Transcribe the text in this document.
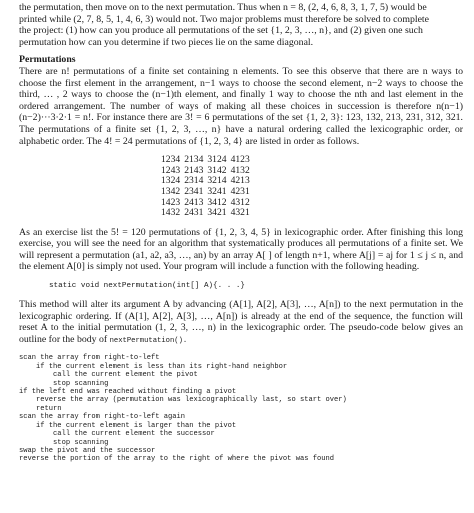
the permutation, then move on to the next permutation. Thus when n = 8, (2, 4, 6, 8, 3, 1, 7, 5) would be

printed while (2, 7, 8, 5, 1, 4, 6, 3) would not. Two major problems must therefore be solved to complete

the project: (1) how can you produce all permutations of the set {1, 2, 3, …, n}, and (2) given one such

permutation how can you determine if two pieces lie on the same diagonal.

Permutations

There are n! permutations of a finite set containing n elements. To see this observe that there are n ways to choose the first element in the arrangement, n−1 ways to choose the second element, n−2 ways to choose the third, … , 2 ways to choose the (n−1)th element, and finally 1 way to choose the nth and last element in the ordered arrangement. The number of ways of making all these choices in succession is therefore n(n−1)(n−2)···3·2·1 = n!. For instance there are 3! = 6 permutations of the set {1, 2, 3}: 123, 132, 213, 231, 312, 321. The permutations of a finite set {1, 2, 3, …, n} have a natural ordering called the lexicographic order, or alphabetic order. The 4! = 24 permutations of {1, 2, 3, 4} are listed in order as follows.

1234	2134	3124	4123
1243	2143	3142	4132
1324	2314	3214	4213
1342	2341	3241	4231
1423	2413	3412	4312
1432	2431	3421	4321

As an exercise list the 5! = 120 permutations of {1, 2, 3, 4, 5} in lexicographic order. After finishing this long exercise, you will see the need for an algorithm that systematically produces all permutations of a finite set. We will represent a permutation (a1, a2, a3, …, an) by an array A[ ] of length n+1, where A[j] = aj for 1 ≤ j ≤ n, and the element A[0] is simply not used. Your program will include a function with the following heading.

static void nextPermutation(int[] A){. . .}

This method will alter its argument A by advancing (A[1], A[2], A[3], …, A[n]) to the next permutation in the lexicographic ordering. If (A[1], A[2], A[3], …, A[n]) is already at the end of the sequence, the function will reset A to the initial permutation (1, 2, 3, …, n) in the lexicographic order. The pseudo-code below gives an outline for the body of nextPermutation().

scan the array from right-to-left
if the current element is less than its right-hand neighbor
call the current element the pivot
stop scanning
if the left end was reached without finding a pivot
reverse the array (permutation was lexicographically last, so start over)
return
scan the array from right-to-left again
if the current element is larger than the pivot
call the current element the successor
stop scanning
swap the pivot and the successor
reverse the portion of the array to the right of where the pivot was found
